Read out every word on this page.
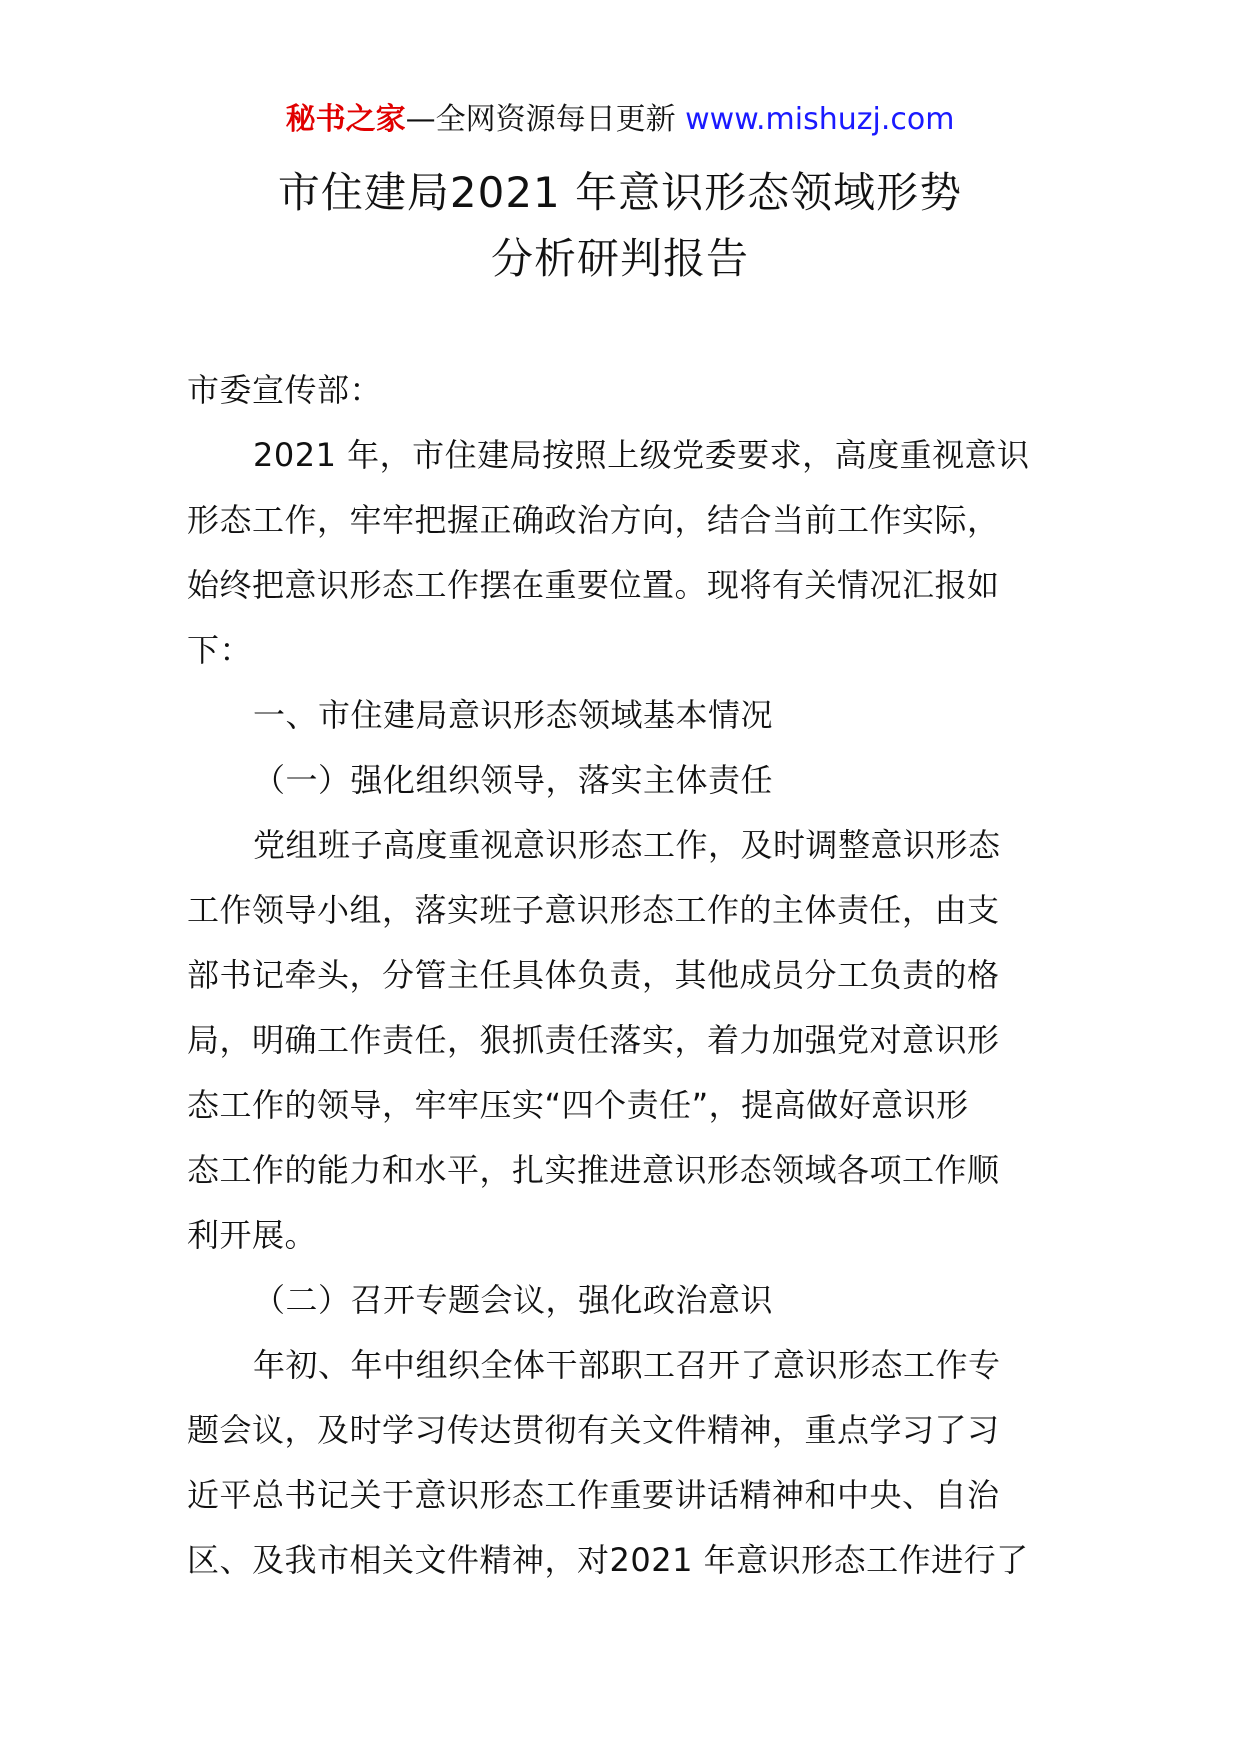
秘书之家—全网资源每日更新 www.mishuzj.com
市住建局2021 年意识形态领域形势
分析研判报告
市委宣传部：
2021 年，市住建局按照上级党委要求，高度重视意识
形态工作，牢牢把握正确政治方向，结合当前工作实际，
始终把意识形态工作摆在重要位置。现将有关情况汇报如
下：
一、市住建局意识形态领域基本情况
（一）强化组织领导，落实主体责任
党组班子高度重视意识形态工作，及时调整意识形态
工作领导小组，落实班子意识形态工作的主体责任，由支
部书记牵头，分管主任具体负责，其他成员分工负责的格
局，明确工作责任，狠抓责任落实，着力加强党对意识形
态工作的领导，牢牢压实“四个责任”，提高做好意识形
态工作的能力和水平，扎实推进意识形态领域各项工作顺
利开展。
（二）召开专题会议，强化政治意识
年初、年中组织全体干部职工召开了意识形态工作专
题会议，及时学习传达贯彻有关文件精神，重点学习了习
近平总书记关于意识形态工作重要讲话精神和中央、自治
区、及我市相关文件精神，对2021 年意识形态工作进行了
